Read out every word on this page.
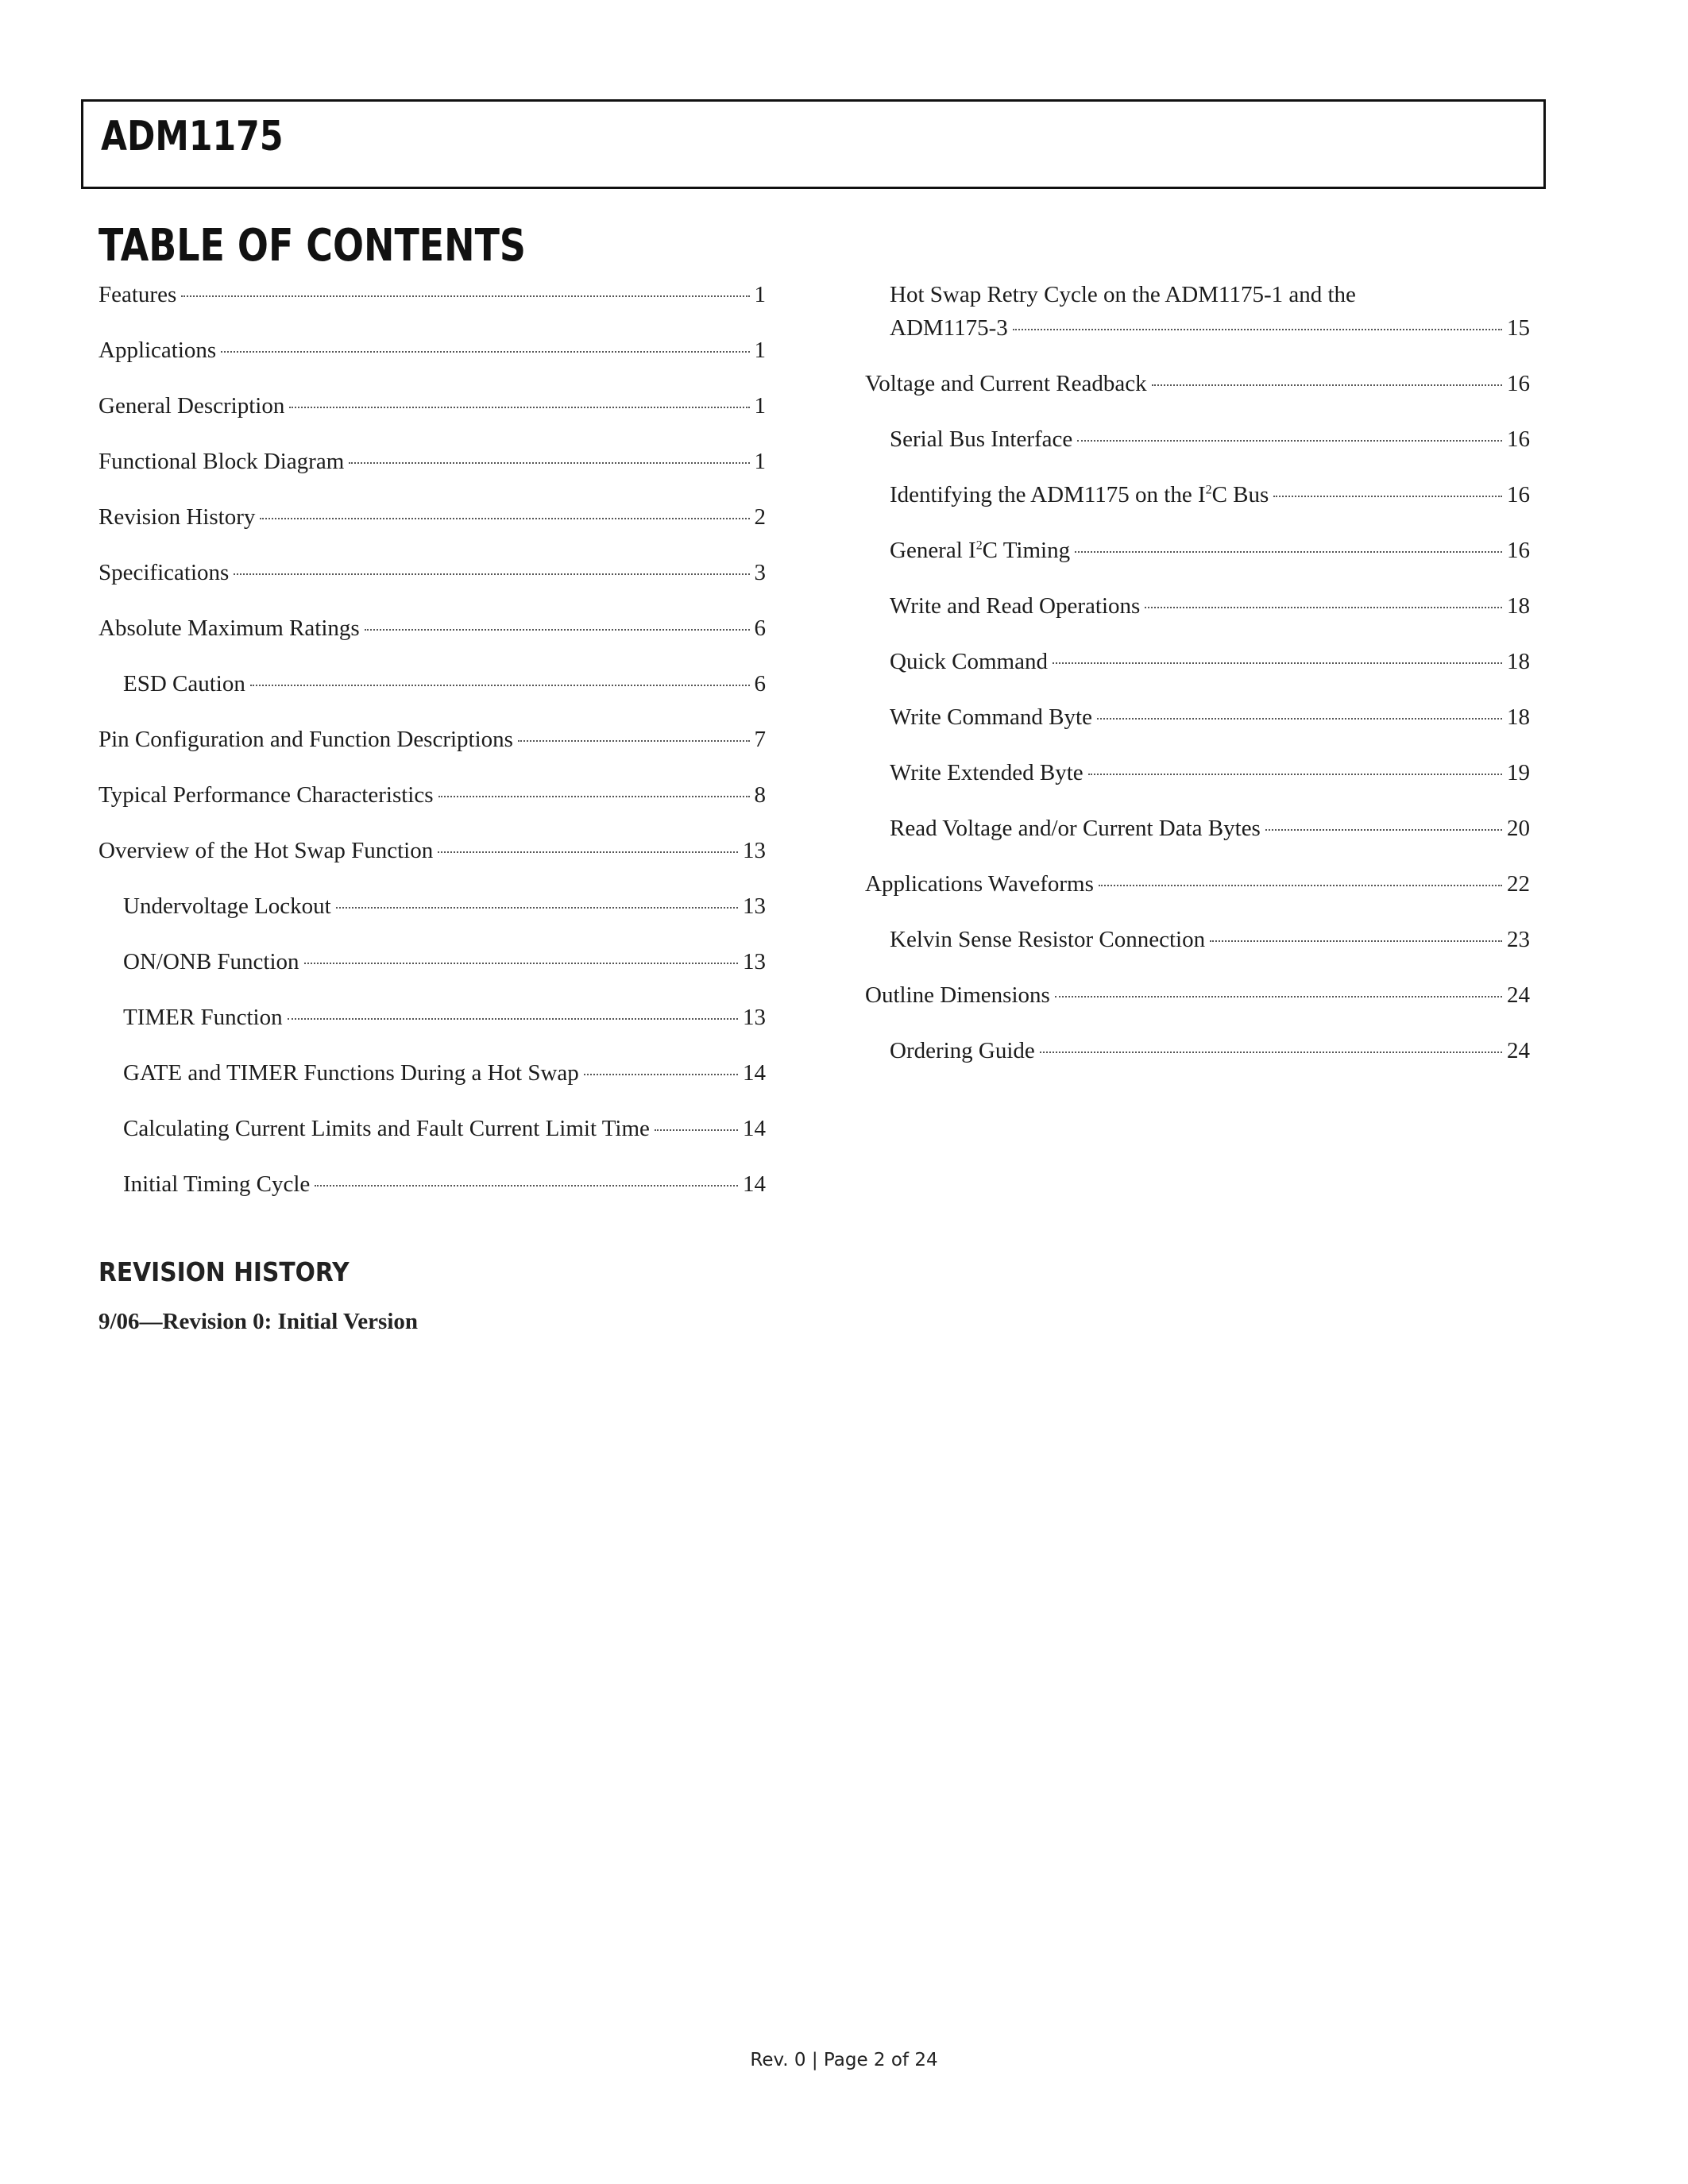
ADM1175
TABLE OF CONTENTS
Features	1
Applications	1
General Description	1
Functional Block Diagram	1
Revision History	2
Specifications	3
Absolute Maximum Ratings	6
ESD Caution	6
Pin Configuration and Function Descriptions	7
Typical Performance Characteristics	8
Overview of the Hot Swap Function	13
Undervoltage Lockout	13
ON/ONB Function	13
TIMER Function	13
GATE and TIMER Functions During a Hot Swap	14
Calculating Current Limits and Fault Current Limit Time	14
Initial Timing Cycle	14
Hot Swap Retry Cycle on the ADM1175-1 and the
ADM1175-3	15
Voltage and Current Readback	16
Serial Bus Interface	16
Identifying the ADM1175 on the $I^2C$ Bus	16
General $I^2C$ Timing	16
Write and Read Operations	18
Quick Command	18
Write Command Byte	18
Write Extended Byte	19
Read Voltage and/or Current Data Bytes	20
Applications Waveforms	22
Kelvin Sense Resistor Connection	23
Outline Dimensions	24
Ordering Guide	24
REVISION HISTORY

9/06—Revision 0: Initial Version

Rev. 0 | Page 2 of 24
